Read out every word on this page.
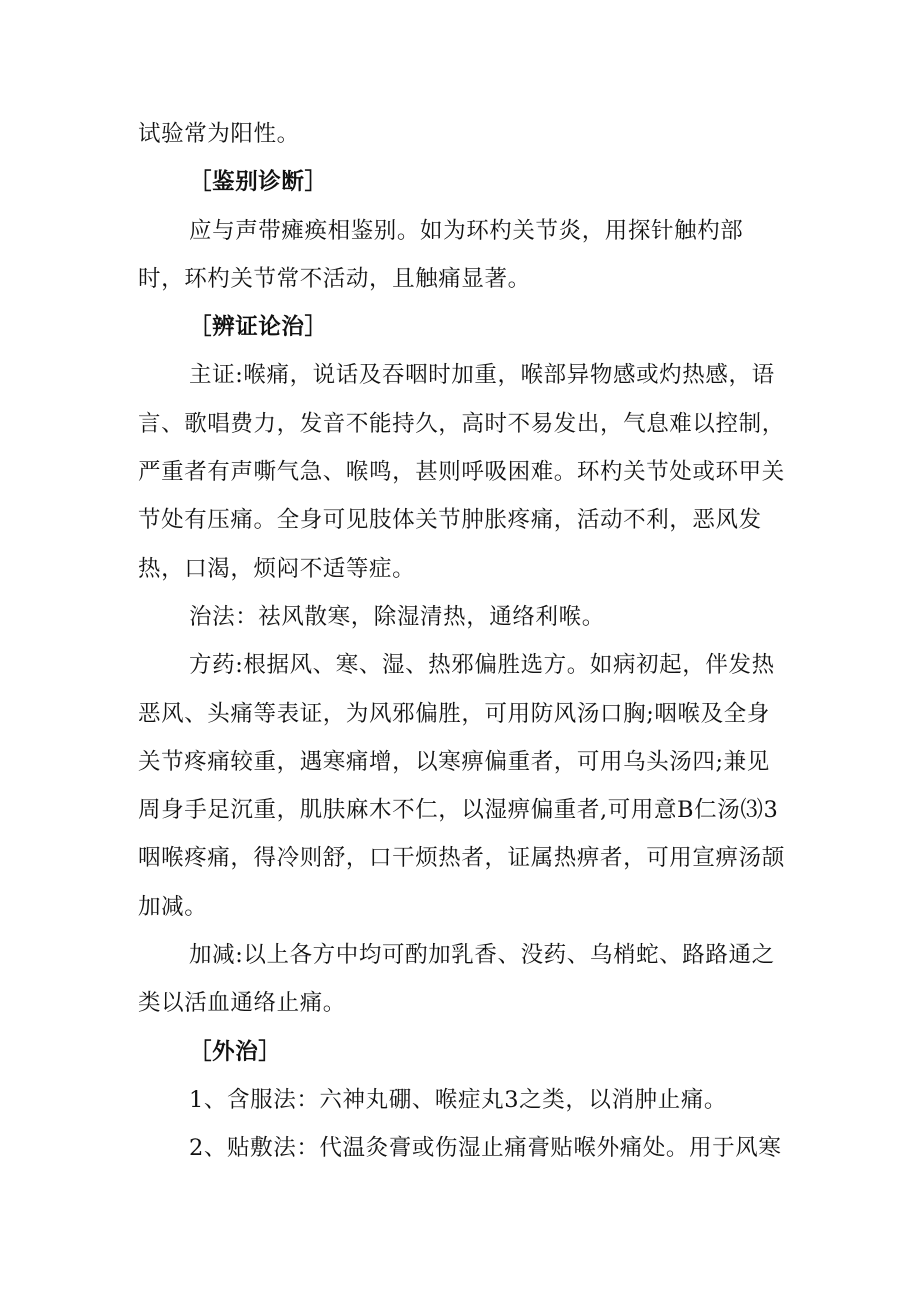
试验常为阳性。

［鉴别诊断］

应与声带瘫痪相鉴别。如为环杓关节炎，用探针触杓部时，环杓关节常不活动，且触痛显著。

［辨证论治］

主证:喉痛，说话及吞咽时加重，喉部异物感或灼热感，语言、歌唱费力，发音不能持久，高时不易发出，气息难以控制，严重者有声嘶气急、喉鸣，甚则呼吸困难。环杓关节处或环甲关节处有压痛。全身可见肢体关节肿胀疼痛，活动不利，恶风发热，口渴，烦闷不适等症。

治法：祛风散寒，除湿清热，通络利喉。

方药:根据风、寒、湿、热邪偏胜选方。如病初起，伴发热恶风、头痛等表证，为风邪偏胜，可用防风汤口胸;咽喉及全身关节疼痛较重，遇寒痛增，以寒痹偏重者，可用乌头汤四;兼见周身手足沉重，肌肤麻木不仁，以湿痹偏重者,可用意B仁汤⑶3咽喉疼痛，得冷则舒，口干烦热者，证属热痹者，可用宣痹汤颉加减。

加减:以上各方中均可酌加乳香、没药、乌梢蛇、路路通之类以活血通络止痛。

［外治］

1、含服法：六神丸硼、喉症丸3之类，以消肿止痛。

2、贴敷法：代温灸膏或伤湿止痛膏贴喉外痛处。用于风寒
